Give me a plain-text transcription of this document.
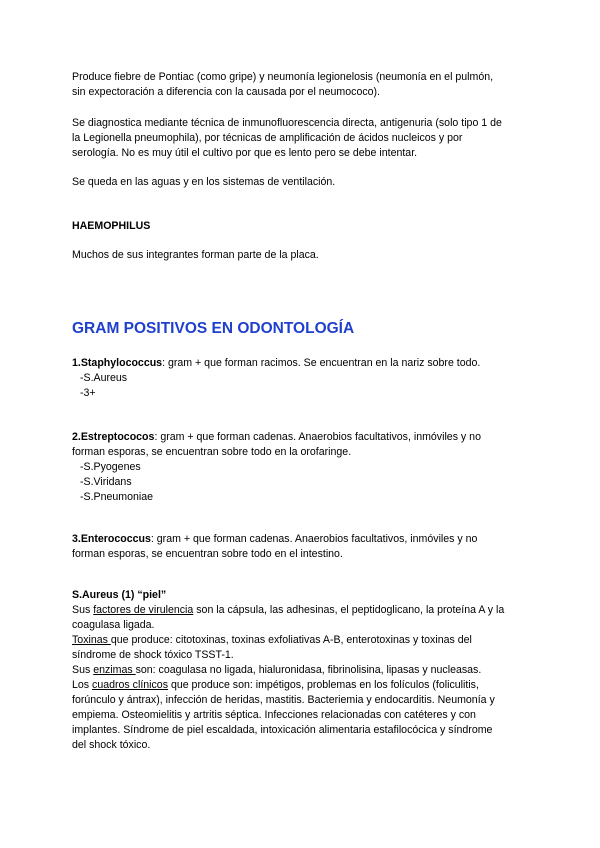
Produce fiebre de Pontiac (como gripe) y neumonía legionelosis (neumonía en el pulmón,
sin expectoración a diferencia con la causada por el neumococo).

Se diagnostica mediante técnica de inmunofluorescencia directa, antigenuria (solo tipo 1 de
la Legionella pneumophila), por técnicas de amplificación de ácidos nucleicos y por
serología. No es muy útil el cultivo por que es lento pero se debe intentar.

Se queda en las aguas y en los sistemas de ventilación.

HAEMOPHILUS

Muchos de sus integrantes forman parte de la placa.

GRAM POSITIVOS EN ODONTOLOGÍA

1.Staphylococcus: gram + que forman racimos. Se encuentran en la nariz sobre todo.
-S.Aureus
-3+

2.Estreptococos: gram + que forman cadenas. Anaerobios facultativos, inmóviles y no
forman esporas, se encuentran sobre todo en la orofaringe.
-S.Pyogenes
-S.Viridans
-S.Pneumoniae

3.Enterococcus: gram + que forman cadenas. Anaerobios facultativos, inmóviles y no
forman esporas, se encuentran sobre todo en el intestino.

S.Aureus (1) “piel”
Sus factores de virulencia son la cápsula, las adhesinas, el peptidoglicano, la proteína A y la
coagulasa ligada.
Toxinas que produce: citotoxinas, toxinas exfoliativas A-B, enterotoxinas y toxinas del
síndrome de shock tóxico TSST-1.
Sus enzimas son: coagulasa no ligada, hialuronidasa, fibrinolisina, lipasas y nucleasas.
Los cuadros clínicos que produce son: impétigos, problemas en los folículos (foliculitis,
forúnculo y ántrax), infección de heridas, mastitis. Bacteriemia y endocarditis. Neumonía y
empiema. Osteomielitis y artritis séptica. Infecciones relacionadas con catéteres y con
implantes. Síndrome de piel escaldada, intoxicación alimentaria estafilocócica y síndrome
del shock tóxico.
